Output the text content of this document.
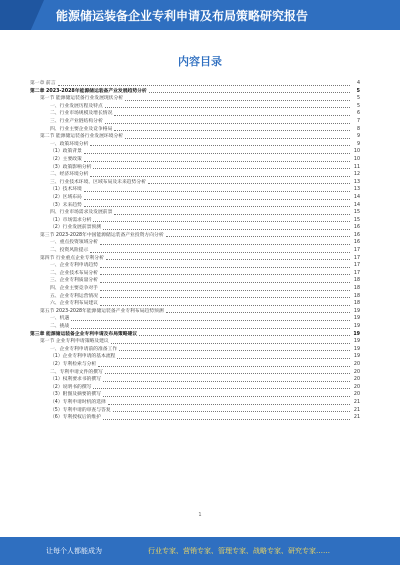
能源储运装备企业专利申请及布局策略研究报告
内容目录
第一章 前言	4
第二章 2023-2028年能源储运装备产业发展趋势分析	5
第一节 能源储运装备行业发展现状分析	5
一、行业发展历程及特点	5
二、行业市场规模及增长情况	6
三、行业产业链结构分析	7
四、行业主要企业及竞争格局	8
第二节 能源储运装备行业发展环境分析	9
一、政策环境分析	9
（1）政策背景	10
（2）主要政策	10
（3）政策影响分析	11
二、经济环境分析	12
三、行业技术环境、区域布局及未来趋势分析	13
（1）技术环境	13
（2）区域布局	14
（3）未来趋势	14
四、行业市场需求及发展前景	15
（1）市场需求分析	15
（2）行业发展前景预测	16
第三节 2023-2028年中国能源储运装备产业投资方向分析	16
一、重点投资领域分析	16
二、投资风险提示	17
第四节 行业重点企业专利分析	17
一、企业专利申请趋势	17
二、企业技术布局分析	17
三、企业专利质量分析	18
四、企业主要竞争对手	18
五、企业专利运营情况	18
六、企业专利布局建议	18
第五节 2023-2028年能源储运装备产业专利布局趋势预测	19
一、机遇	19
二、挑战	19
第三章 能源储运装备企业专利申请及布局策略建议	19
第一节 企业专利申请策略及建议	19
一、企业专利申请前的准备工作	19
（1）企业专利申请的基本流程	19
（2）专利检索与分析	20
二、专利申请文件的撰写	20
（1）权利要求书的撰写	20
（2）说明书的撰写	20
（3）附图及摘要的撰写	20
（4）专利申请时机的选择	21
（5）专利申请的审查与答复	21
（6）专利授权后的维护	21
1
让每个人都能成为	行业专家、营销专家、管理专家、战略专家、研究专家……
